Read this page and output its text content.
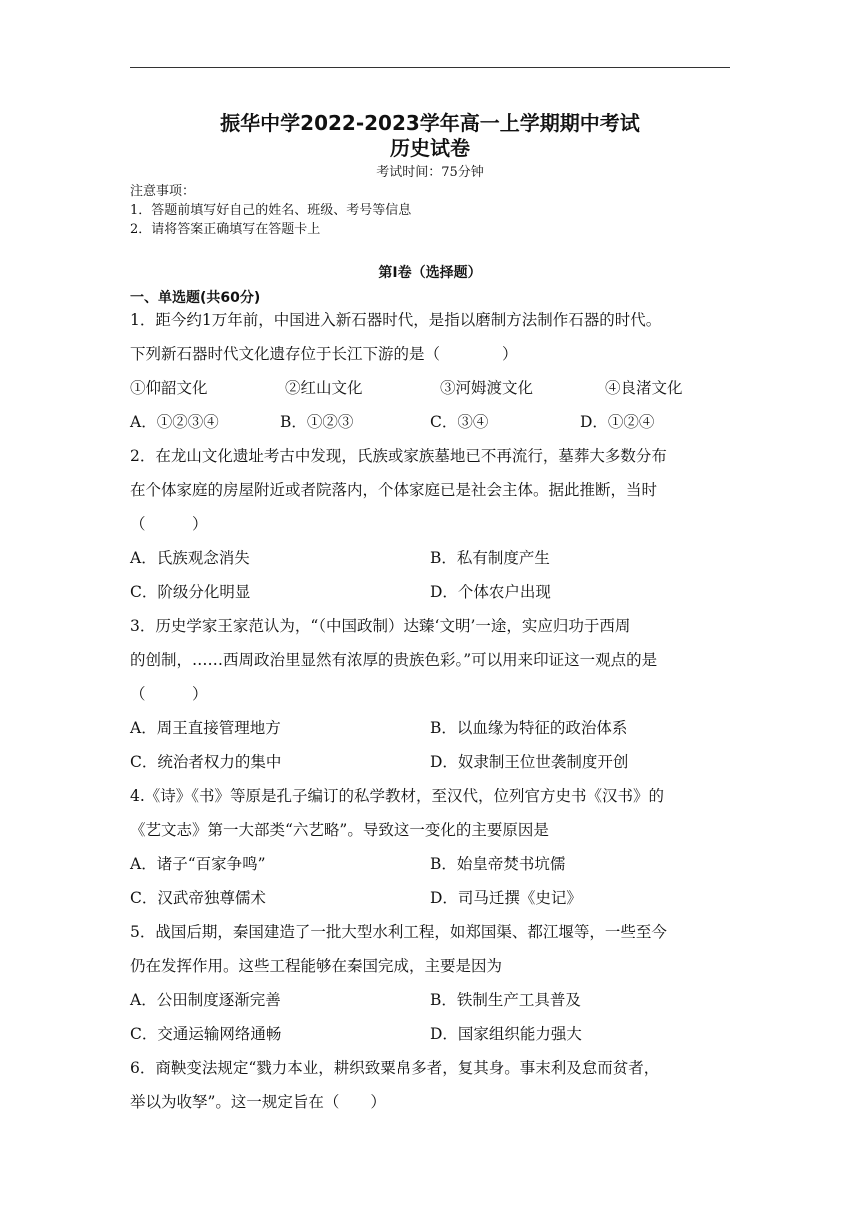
振华中学2022-2023学年高一上学期期中考试
历史试卷
考试时间：75分钟
注意事项：
1．答题前填写好自己的姓名、班级、考号等信息
2．请将答案正确填写在答题卡上
第I卷（选择题）
一、单选题(共60分)
1．距今约1万年前，中国进入新石器时代，是指以磨制方法制作石器的时代。
下列新石器时代文化遗存位于长江下游的是（　　　　）
①仰韶文化	②红山文化	③河姆渡文化	④良渚文化
A．①②③④	B．①②③	C．③④	D．①②④
2．在龙山文化遗址考古中发现，氏族或家族墓地已不再流行，墓葬大多数分布
在个体家庭的房屋附近或者院落内，个体家庭已是社会主体。据此推断，当时
（　　　）
A．氏族观念消失	B．私有制度产生
C．阶级分化明显	D．个体农户出现
3．历史学家王家范认为，“（中国政制）达臻‘文明’一途，实应归功于西周
的创制，……西周政治里显然有浓厚的贵族色彩。”可以用来印证这一观点的是
（　　　）
A．周王直接管理地方	B．以血缘为特征的政治体系
C．统治者权力的集中	D．奴隶制王位世袭制度开创
4.《诗》《书》等原是孔子编订的私学教材，至汉代，位列官方史书《汉书》的
《艺文志》第一大部类“六艺略”。导致这一变化的主要原因是
A．诸子“百家争鸣”	B．始皇帝焚书坑儒
C．汉武帝独尊儒术	D．司马迁撰《史记》
5．战国后期，秦国建造了一批大型水利工程，如郑国渠、都江堰等，一些至今
仍在发挥作用。这些工程能够在秦国完成，主要是因为
A．公田制度逐渐完善	B．铁制生产工具普及
C．交通运输网络通畅	D．国家组织能力强大
6．商鞅变法规定“戮力本业，耕织致粟帛多者，复其身。事末利及怠而贫者，
举以为收孥”。这一规定旨在（　　）
